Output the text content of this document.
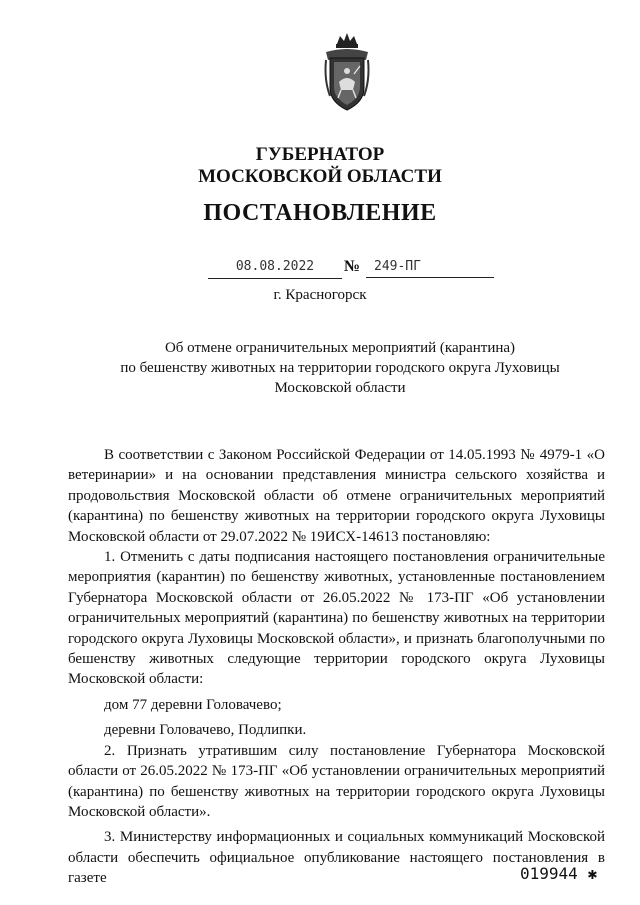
ГУБЕРНАТОР
МОСКОВСКОЙ ОБЛАСТИ
ПОСТАНОВЛЕНИЕ
08.08.2022	№	249-ПГ
г. Красногорск
Об отмене ограничительных мероприятий (карантина)
по бешенству животных на территории городского округа Луховицы
Московской области

В соответствии с Законом Российской Федерации от 14.05.1993 № 4979-1 «О ветеринарии» и на основании представления министра сельского хозяйства и продовольствия Московской области об отмене ограничительных мероприятий (карантина) по бешенству животных на территории городского округа Луховицы Московской области от 29.07.2022 № 19ИСХ-14613 постановляю:

1. Отменить с даты подписания настоящего постановления ограничительные мероприятия (карантин) по бешенству животных, установленные постановлением Губернатора Московской области от 26.05.2022 № 173-ПГ «Об установлении ограничительных мероприятий (карантина) по бешенству животных на территории городского округа Луховицы Московской области», и признать благополучными по бешенству животных следующие территории городского округа Луховицы Московской области:

дом 77 деревни Головачево;

деревни Головачево, Подлипки.

2. Признать утратившим силу постановление Губернатора Московской области от 26.05.2022 № 173-ПГ «Об установлении ограничительных мероприятий (карантина) по бешенству животных на территории городского округа Луховицы Московской области».

3. Министерству информационных и социальных коммуникаций Московской области обеспечить официальное опубликование настоящего постановления в газете	019944 ✱
